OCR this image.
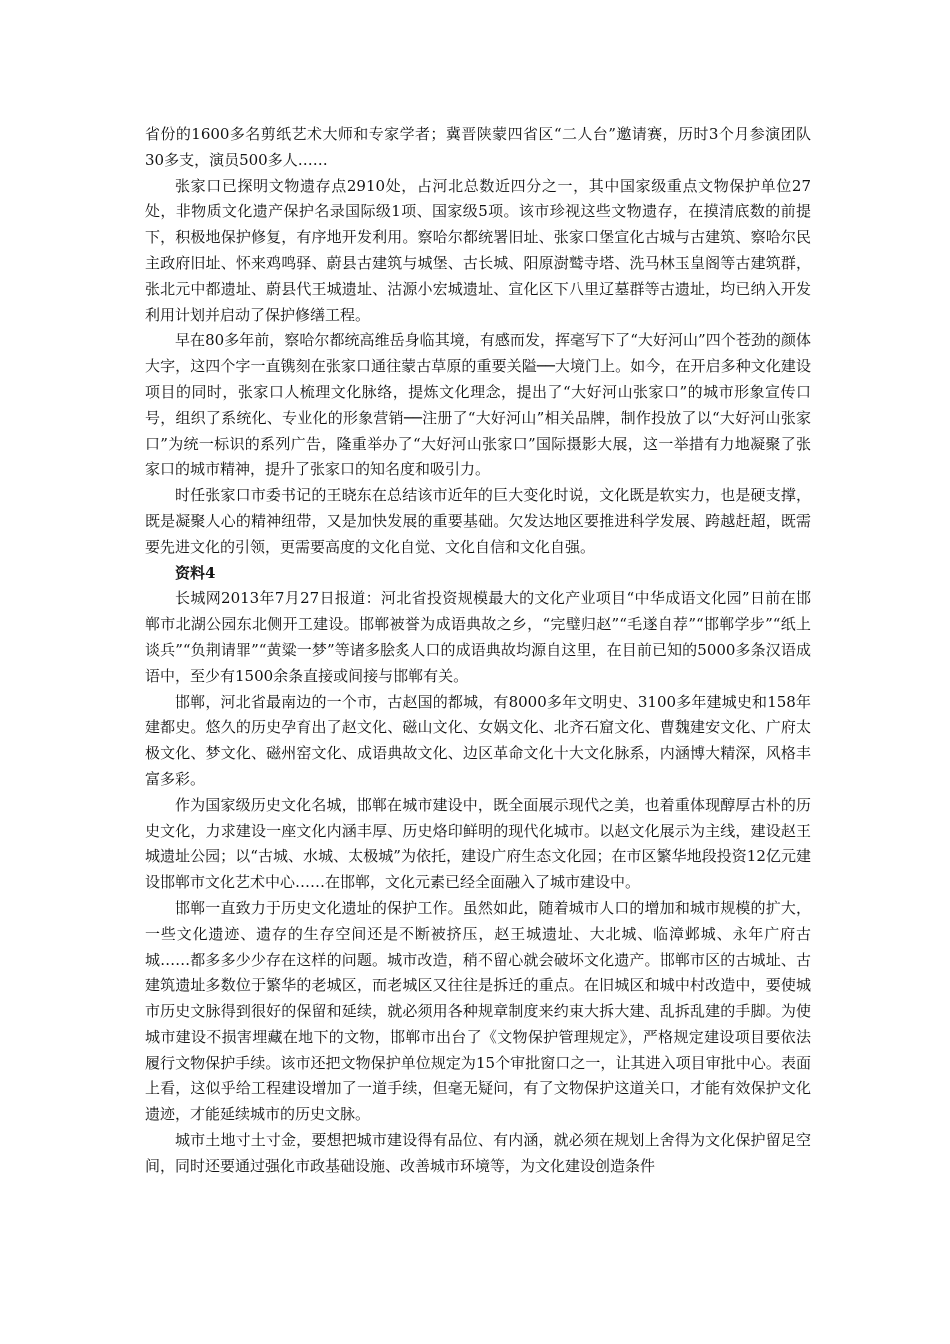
省份的1600多名剪纸艺术大师和专家学者；冀晋陕蒙四省区“二人台”邀请赛，历时3个月参演团队30多支，演员500多人……

张家口已探明文物遗存点2910处，占河北总数近四分之一，其中国家级重点文物保护单位27处，非物质文化遗产保护名录国际级1项、国家级5项。该市珍视这些文物遗存，在摸清底数的前提下，积极地保护修复，有序地开发利用。察哈尔都统署旧址、张家口堡宣化古城与古建筑、察哈尔民主政府旧址、怀来鸡鸣驿、蔚县古建筑与城堡、古长城、阳原澍鹫寺塔、洗马林玉皇阁等古建筑群，张北元中都遗址、蔚县代王城遗址、沽源小宏城遗址、宣化区下八里辽墓群等古遗址，均已纳入开发利用计划并启动了保护修缮工程。

早在80多年前，察哈尔都统高维岳身临其境，有感而发，挥毫写下了“大好河山”四个苍劲的颜体大字，这四个字一直镌刻在张家口通往蒙古草原的重要关隘──大境门上。如今，在开启多种文化建设项目的同时，张家口人梳理文化脉络，提炼文化理念，提出了“大好河山张家口”的城市形象宣传口号，组织了系统化、专业化的形象营销──注册了“大好河山”相关品牌，制作投放了以“大好河山张家口”为统一标识的系列广告，隆重举办了“大好河山张家口”国际摄影大展，这一举措有力地凝聚了张家口的城市精神，提升了张家口的知名度和吸引力。

时任张家口市委书记的王晓东在总结该市近年的巨大变化时说，文化既是软实力，也是硬支撑，既是凝聚人心的精神纽带，又是加快发展的重要基础。欠发达地区要推进科学发展、跨越赶超，既需要先进文化的引领，更需要高度的文化自觉、文化自信和文化自强。

资料4

长城网2013年7月27日报道：河北省投资规模最大的文化产业项目“中华成语文化园”日前在邯郸市北湖公园东北侧开工建设。邯郸被誉为成语典故之乡，“完璧归赵”“毛遂自荐”“邯郸学步”“纸上谈兵”“负荆请罪”“黄粱一梦”等诸多脍炙人口的成语典故均源自这里，在目前已知的5000多条汉语成语中，至少有1500余条直接或间接与邯郸有关。

邯郸，河北省最南边的一个市，古赵国的都城，有8000多年文明史、3100多年建城史和158年建都史。悠久的历史孕育出了赵文化、磁山文化、女娲文化、北齐石窟文化、曹魏建安文化、广府太极文化、梦文化、磁州窑文化、成语典故文化、边区革命文化十大文化脉系，内涵博大精深，风格丰富多彩。

作为国家级历史文化名城，邯郸在城市建设中，既全面展示现代之美，也着重体现醇厚古朴的历史文化，力求建设一座文化内涵丰厚、历史烙印鲜明的现代化城市。以赵文化展示为主线，建设赵王城遗址公园；以“古城、水城、太极城”为依托，建设广府生态文化园；在市区繁华地段投资12亿元建设邯郸市文化艺术中心……在邯郸，文化元素已经全面融入了城市建设中。

邯郸一直致力于历史文化遗址的保护工作。虽然如此，随着城市人口的增加和城市规模的扩大，一些文化遗迹、遗存的生存空间还是不断被挤压，赵王城遗址、大北城、临漳邺城、永年广府古城……都多多少少存在这样的问题。城市改造，稍不留心就会破坏文化遗产。邯郸市区的古城址、古建筑遗址多数位于繁华的老城区，而老城区又往往是拆迁的重点。在旧城区和城中村改造中，要使城市历史文脉得到很好的保留和延续，就必须用各种规章制度来约束大拆大建、乱拆乱建的手脚。为使城市建设不损害埋藏在地下的文物，邯郸市出台了《文物保护管理规定》，严格规定建设项目要依法履行文物保护手续。该市还把文物保护单位规定为15个审批窗口之一，让其进入项目审批中心。表面上看，这似乎给工程建设增加了一道手续，但毫无疑问，有了文物保护这道关口，才能有效保护文化遗迹，才能延续城市的历史文脉。

城市土地寸土寸金，要想把城市建设得有品位、有内涵，就必须在规划上舍得为文化保护留足空间，同时还要通过强化市政基础设施、改善城市环境等，为文化建设创造条件
